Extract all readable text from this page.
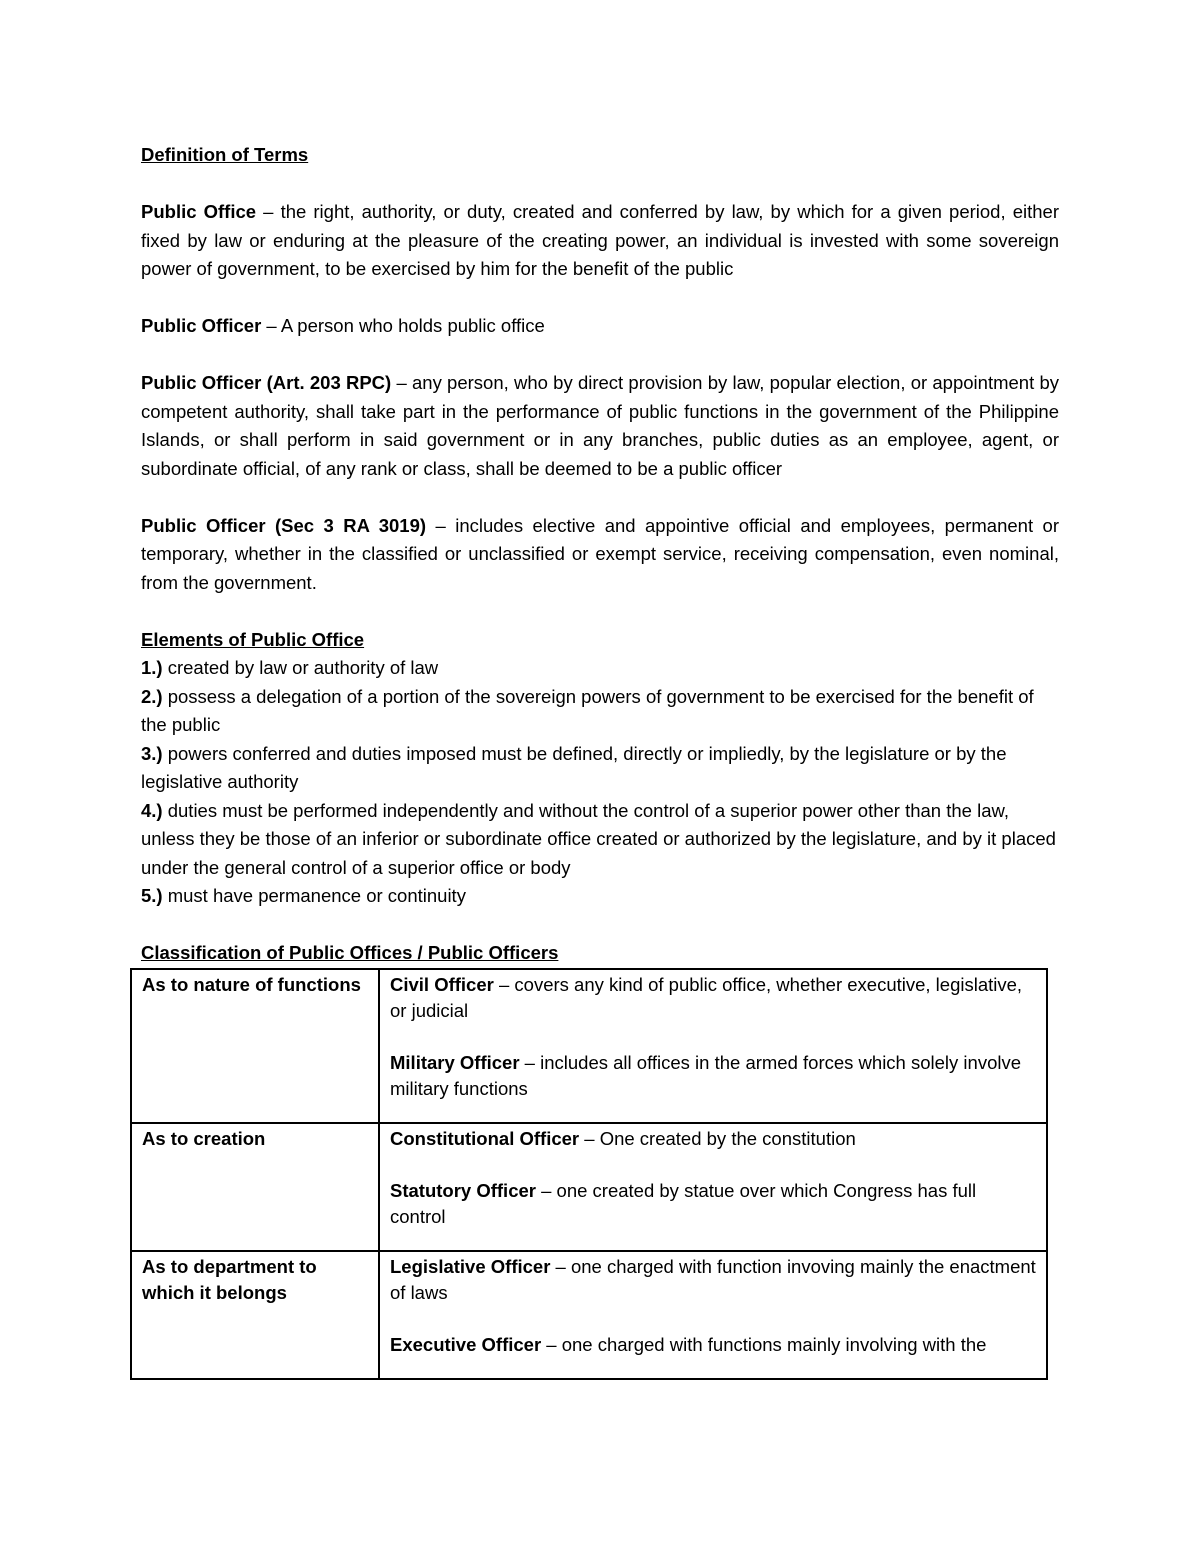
Definition of Terms

Public Office – the right, authority, or duty, created and conferred by law, by which for a given period, either fixed by law or enduring at the pleasure of the creating power, an individual is invested with some sovereign power of government, to be exercised by him for the benefit of the public

Public Officer – A person who holds public office

Public Officer (Art. 203 RPC) – any person, who by direct provision by law, popular election, or appointment by competent authority, shall take part in the performance of public functions in the government of the Philippine Islands, or shall perform in said government or in any branches, public duties as an employee, agent, or subordinate official, of any rank or class, shall be deemed to be a public officer

Public Officer (Sec 3 RA 3019) – includes elective and appointive official and employees, permanent or temporary, whether in the classified or unclassified or exempt service, receiving compensation, even nominal, from the government.

Elements of Public Office

1.) created by law or authority of law

2.) possess a delegation of a portion of the sovereign powers of government to be exercised for the benefit of the public

3.) powers conferred and duties imposed must be defined, directly or impliedly, by the legislature or by the legislative authority

4.) duties must be performed independently and without the control of a superior power other than the law, unless they be those of an inferior or subordinate office created or authorized by the legislature, and by it placed under the general control of a superior office or body

5.) must have permanence or continuity

Classification of Public Offices / Public Officers

As to nature of functions	Civil Officer – covers any kind of public office, whether executive, legislative, or judicial
Military Officer – includes all offices in the armed forces which solely involve military functions

As to creation	Constitutional Officer – One created by the constitution
Statutory Officer – one created by statue over which Congress has full control

As to department to which it belongs	Legislative Officer – one charged with function invoving mainly the enactment of laws
Executive Officer – one charged with functions mainly involving with the
